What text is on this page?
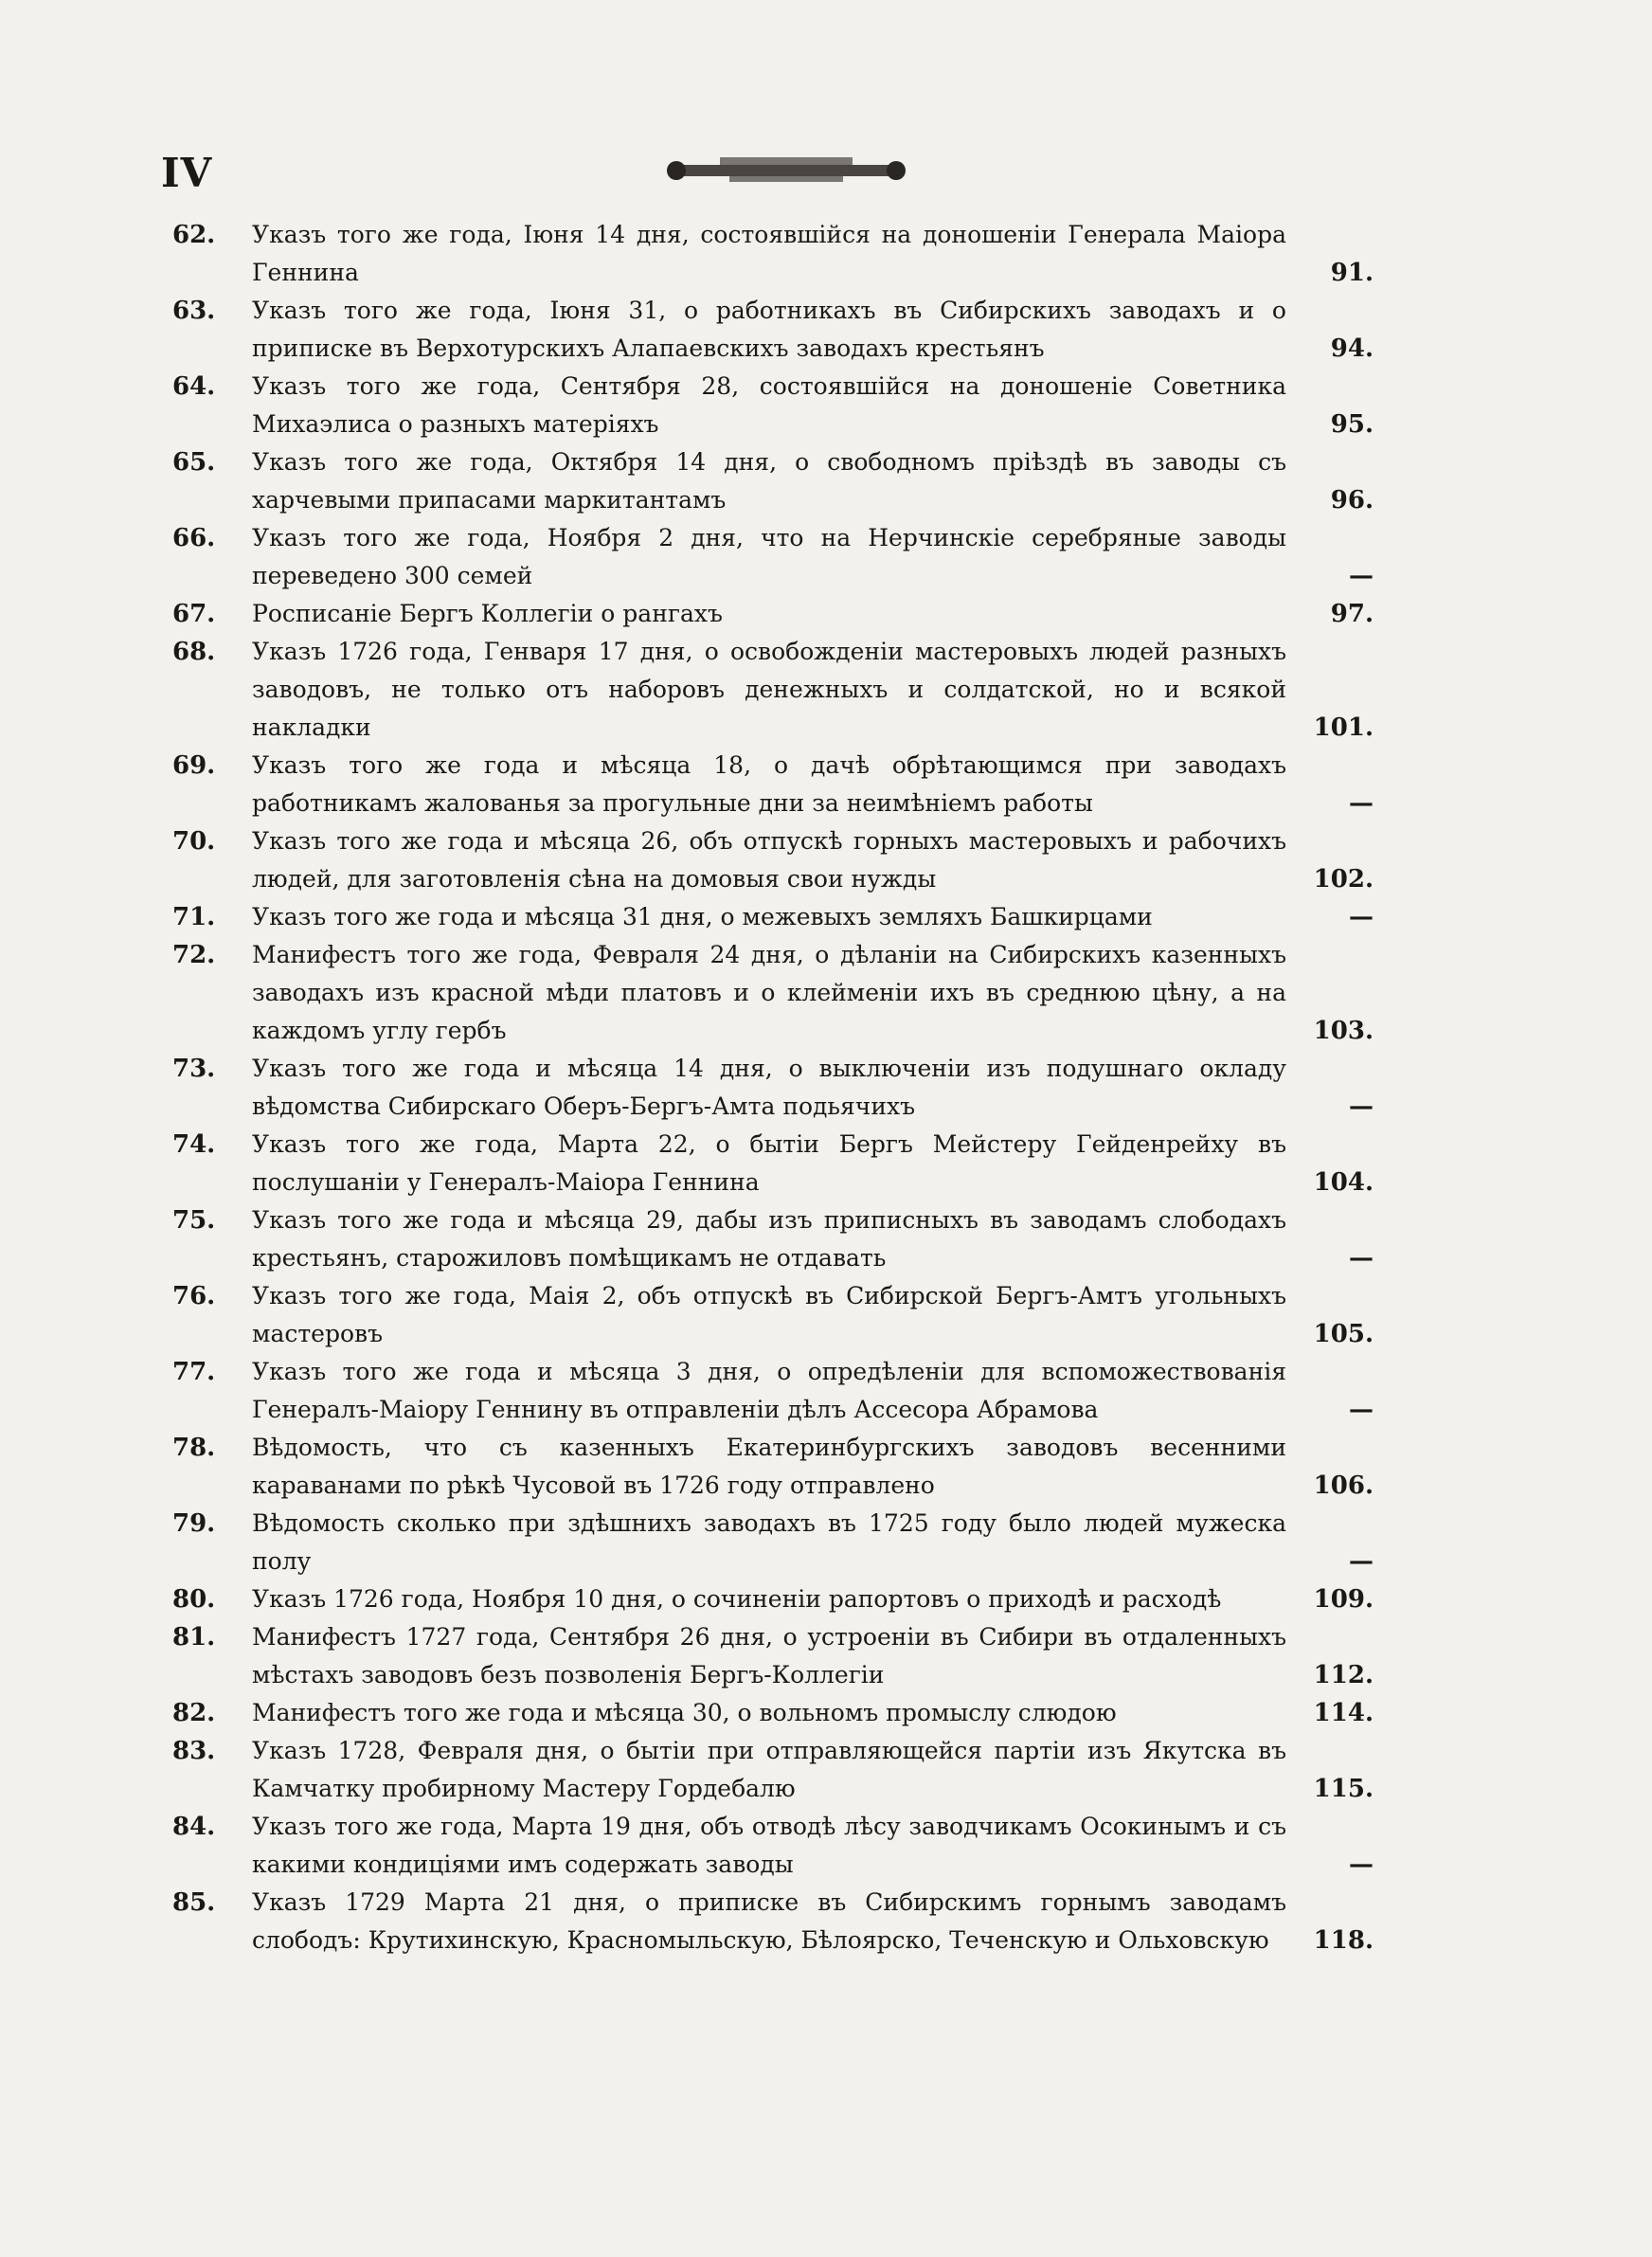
IV
62.	Указъ того же года, Іюня 14 дня, состоявшійся на доношеніи Генерала Маіора Геннина	91.
63.	Указъ того же года, Іюня 31, о работникахъ въ Сибирскихъ заводахъ и о приписке въ Верхотурскихъ Алапаевскихъ заводахъ крестьянъ	94.
64.	Указъ того же года, Сентября 28, состоявшійся на доношеніе Советника Михаэлиса о разныхъ матеріяхъ	95.
65.	Указъ того же года, Октября 14 дня, о свободномъ пріѣздѣ въ заводы съ харчевыми припасами маркитантамъ	96.
66.	Указъ того же года, Ноября 2 дня, что на Нерчинскіе серебряные заводы переведено 300 семей	—
67.	Росписаніе Бергъ Коллегіи о рангахъ	97.
68.	Указъ 1726 года, Генваря 17 дня, о освобожденіи мастеровыхъ людей разныхъ заводовъ, не только отъ наборовъ денежныхъ и солдатской, но и всякой накладки	101.
69.	Указъ того же года и мѣсяца 18, о дачѣ обрѣтающимся при заводахъ работникамъ жалованья за прогульные дни за неимѣніемъ работы	—
70.	Указъ того же года и мѣсяца 26, объ отпускѣ горныхъ мастеровыхъ и рабочихъ людей, для заготовленія сѣна на домовыя свои нужды	102.
71.	Указъ того же года и мѣсяца 31 дня, о межевыхъ земляхъ Башкирцами	—
72.	Манифестъ того же года, Февраля 24 дня, о дѣланіи на Сибирскихъ казенныхъ заводахъ изъ красной мѣди платовъ и о клейменіи ихъ въ среднюю цѣну, а на каждомъ углу гербъ	103.
73.	Указъ того же года и мѣсяца 14 дня, о выключеніи изъ подушнаго окладу вѣдомства Сибирскаго Оберъ-Бергъ-Амта подьячихъ	—
74.	Указъ того же года, Марта 22, о бытіи Бергъ Мейстеру Гейденрейху въ послушаніи у Генералъ-Маіора Геннина	104.
75.	Указъ того же года и мѣсяца 29, дабы изъ приписныхъ въ заводамъ слободахъ крестьянъ, старожиловъ помѣщикамъ не отдавать	—
76.	Указъ того же года, Маія 2, объ отпускѣ въ Сибирской Бергъ-Амтъ угольныхъ мастеровъ	105.
77.	Указъ того же года и мѣсяца 3 дня, о опредѣленіи для вспоможествованія Генералъ-Маіору Геннину въ отправленіи дѣлъ Ассесора Абрамова	—
78.	Вѣдомость, что съ казенныхъ Екатеринбургскихъ заводовъ весенними караванами по рѣкѣ Чусовой въ 1726 году отправлено	106.
79.	Вѣдомость сколько при здѣшнихъ заводахъ въ 1725 году было людей мужеска полу	—
80.	Указъ 1726 года, Ноября 10 дня, о сочиненіи рапортовъ о приходѣ и расходѣ	109.
81.	Манифестъ 1727 года, Сентября 26 дня, о устроеніи въ Сибири въ отдаленныхъ мѣстахъ заводовъ безъ позволенія Бергъ-Коллегіи	112.
82.	Манифестъ того же года и мѣсяца 30, о вольномъ промыслу слюдою	114.
83.	Указъ 1728, Февраля дня, о бытіи при отправляющейся партіи изъ Якутска въ Камчатку пробирному Мастеру Гордебалю	115.
84.	Указъ того же года, Марта 19 дня, объ отводѣ лѣсу заводчикамъ Осокинымъ и съ какими кондиціями имъ содержать заводы	—
85.	Указъ 1729 Марта 21 дня, о приписке въ Сибирскимъ горнымъ заводамъ слободъ: Крутихинскую, Красномыльскую, Бѣлоярско, Теченскую и Ольховскую	118.
